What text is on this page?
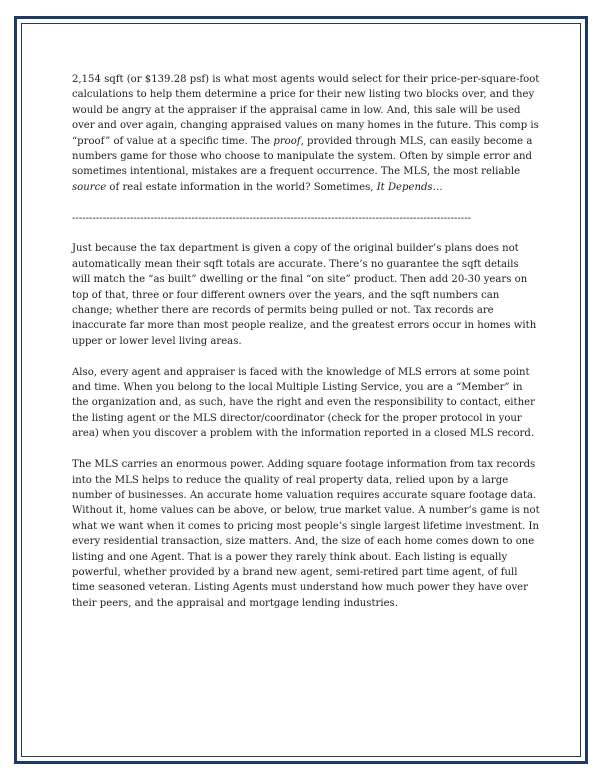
2,154 sqft (or $139.28 psf) is what most agents would select for their price-per-square-foot calculations to help them determine a price for their new listing two blocks over, and they would be angry at the appraiser if the appraisal came in low. And, this sale will be used over and over again, changing appraised values on many homes in the future. This comp is “proof” of value at a specific time. The proof, provided through MLS, can easily become a numbers game for those who choose to manipulate the system. Often by simple error and sometimes intentional, mistakes are a frequent occurrence. The MLS, the most reliable source of real estate information in the world? Sometimes, It Depends…

---------------------------------------------------------------------------------------------------------------------

Just because the tax department is given a copy of the original builder’s plans does not automatically mean their sqft totals are accurate. There’s no guarantee the sqft details will match the “as built” dwelling or the final “on site” product. Then add 20-30 years on top of that, three or four different owners over the years, and the sqft numbers can change; whether there are records of permits being pulled or not. Tax records are inaccurate far more than most people realize, and the greatest errors occur in homes with upper or lower level living areas.

Also, every agent and appraiser is faced with the knowledge of MLS errors at some point and time. When you belong to the local Multiple Listing Service, you are a “Member” in the organization and, as such, have the right and even the responsibility to contact, either the listing agent or the MLS director/coordinator (check for the proper protocol in your area) when you discover a problem with the information reported in a closed MLS record.

The MLS carries an enormous power. Adding square footage information from tax records into the MLS helps to reduce the quality of real property data, relied upon by a large number of businesses. An accurate home valuation requires accurate square footage data. Without it, home values can be above, or below, true market value. A number’s game is not what we want when it comes to pricing most people’s single largest lifetime investment. In every residential transaction, size matters. And, the size of each home comes down to one listing and one Agent. That is a power they rarely think about. Each listing is equally powerful, whether provided by a brand new agent, semi-retired part time agent, of full time seasoned veteran. Listing Agents must understand how much power they have over their peers, and the appraisal and mortgage lending industries.
